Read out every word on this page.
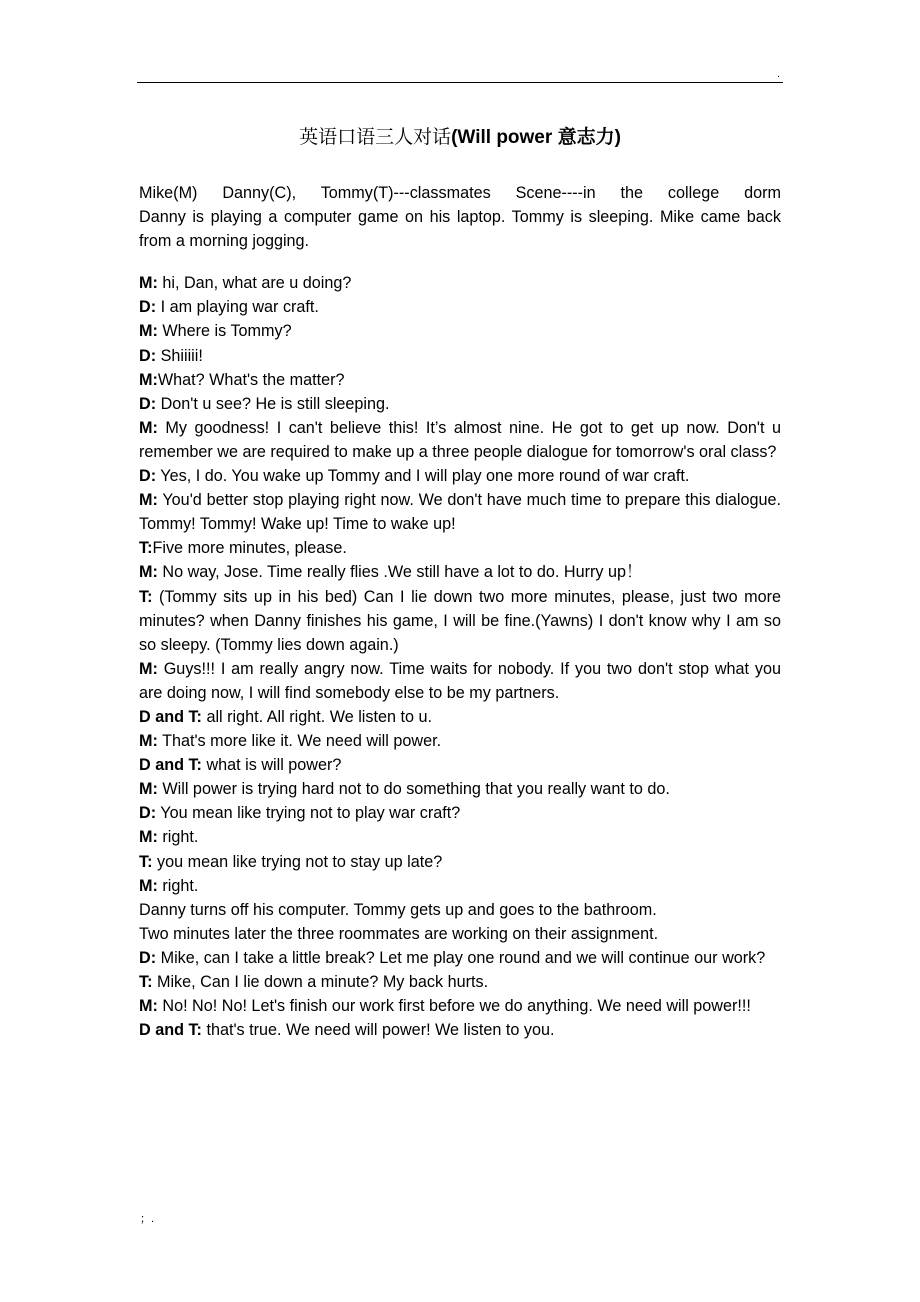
.
英语口语三人对话(Will power 意志力)
Mike(M) Danny(C), Tommy(T)---classmates Scene----in the college dorm
Danny is playing a computer game on his laptop. Tommy is sleeping. Mike came back from a morning jogging.

M: hi, Dan, what are u doing?

D: I am playing war craft.

M: Where is Tommy?

D: Shiiiii!

M:What? What's the matter?

D: Don't u see? He is still sleeping.

M: My goodness! I can't believe this! It’s almost nine. He got to get up now. Don't u remember we are required to make up a three people dialogue for tomorrow's oral class?

D: Yes, I do. You wake up Tommy and I will play one more round of war craft.

M: You'd better stop playing right now. We don't have much time to prepare this dialogue. Tommy! Tommy! Wake up! Time to wake up!

T:Five more minutes, please.

M: No way, Jose. Time really flies .We still have a lot to do. Hurry up！

T: (Tommy sits up in his bed) Can I lie down two more minutes, please, just two more minutes? when Danny finishes his game, I will be fine.(Yawns) I don't know why I am so so sleepy. (Tommy lies down again.)

M: Guys!!! I am really angry now. Time waits for nobody. If you two don't stop what you are doing now, I will find somebody else to be my partners.

D and T: all right. All right. We listen to u.

M: That's more like it. We need will power.

D and T: what is will power?

M: Will power is trying hard not to do something that you really want to do.

D: You mean like trying not to play war craft?

M: right.

T: you mean like trying not to stay up late?

M: right.

Danny turns off his computer. Tommy gets up and goes to the bathroom.

Two minutes later the three roommates are working on their assignment.

D: Mike, can I take a little break? Let me play one round and we will continue our work?

T: Mike, Can I lie down a minute? My back hurts.

M: No! No! No! Let's finish our work first before we do anything. We need will power!!!

D and T: that's true. We need will power! We listen to you.

；.
